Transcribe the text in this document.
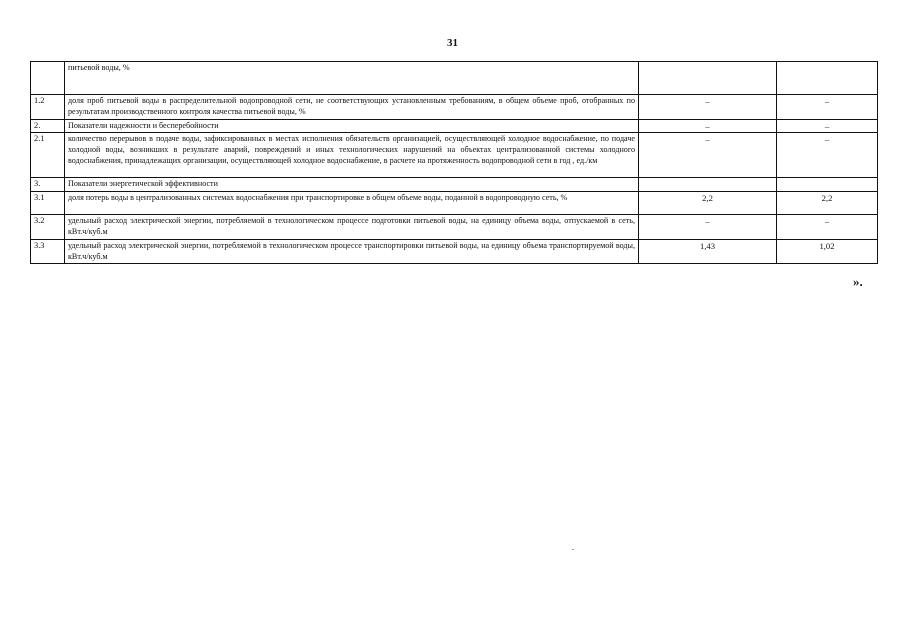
31
	питьевой воды, %		
1.2	доля проб питьевой воды в распределительной водопроводной сети, не соответствующих установленным требованиям, в общем объеме проб, отобранных по результатам производственного контроля качества питьевой воды, %	–	–
2.	Показатели надежности и бесперебойности	–	–
2.1	количество перерывов в подаче воды, зафиксированных в местах исполнения обязательств организацией, осуществляющей холодное водоснабжение, по подаче холодной воды, возникших в результате аварий, повреждений и иных технологических нарушений на объектах централизованной системы холодного водоснабжения, принадлежащих организации, осуществляющей холодное водоснабжение, в расчете на протяженность водопроводной сети в год , ед./км	–	–
3.	Показатели энергетической эффективности		
3.1	доля потерь воды в централизованных системах водоснабжения при транспортировке в общем объеме воды, поданной в водопроводную сеть, %	2,2	2,2
3.2	удельный расход электрической энергии, потребляемой в технологическом процессе подготовки питьевой воды, на единицу объема воды, отпускаемой в сеть, кВт.ч/куб.м	–	–
3.3	удельный расход электрической энергии, потребляемой в технологическом процессе транспортировки питьевой воды, на единицу объема транспортируемой воды, кВт.ч/куб.м	1,43	1,02
».
